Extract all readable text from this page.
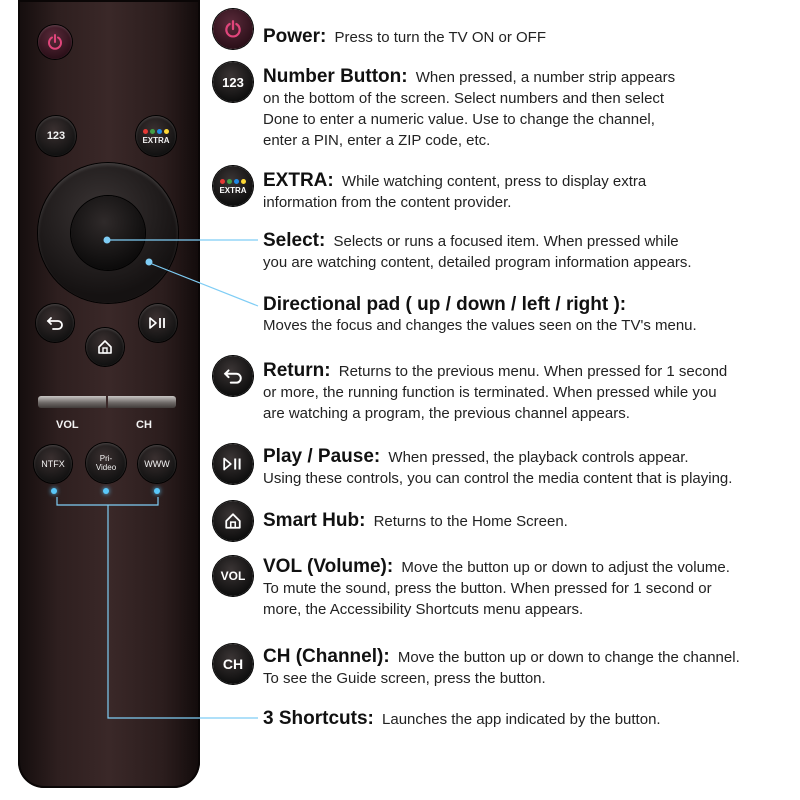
123	EXTRA
VOL	CH
NTFX
Pri-
Video	WWW
123
EXTRA
VOL
CH
Power: Press to turn the TV ON or OFF
Number Button: When pressed, a number strip appears
on the bottom of the screen. Select numbers and then select
Done to enter a numeric value. Use to change the channel,
enter a PIN, enter a ZIP code, etc.
EXTRA: While watching content, press to display extra
information from the content provider.
Select: Selects or runs a focused item. When pressed while
you are watching content, detailed program information appears.
Directional pad ( up / down / left / right ):
Moves the focus and changes the values seen on the TV's menu.
Return: Returns to the previous menu. When pressed for 1 second
or more, the running function is terminated. When pressed while you
are watching a program, the previous channel appears.
Play / Pause: When pressed, the playback controls appear.
Using these controls, you can control the media content that is playing.
Smart Hub: Returns to the Home Screen.
VOL (Volume): Move the button up or down to adjust the volume.
To mute the sound, press the button. When pressed for 1 second or
more, the Accessibility Shortcuts menu appears.
CH (Channel): Move the button up or down to change the channel.
To see the Guide screen, press the button.
3 Shortcuts: Launches the app indicated by the button.
